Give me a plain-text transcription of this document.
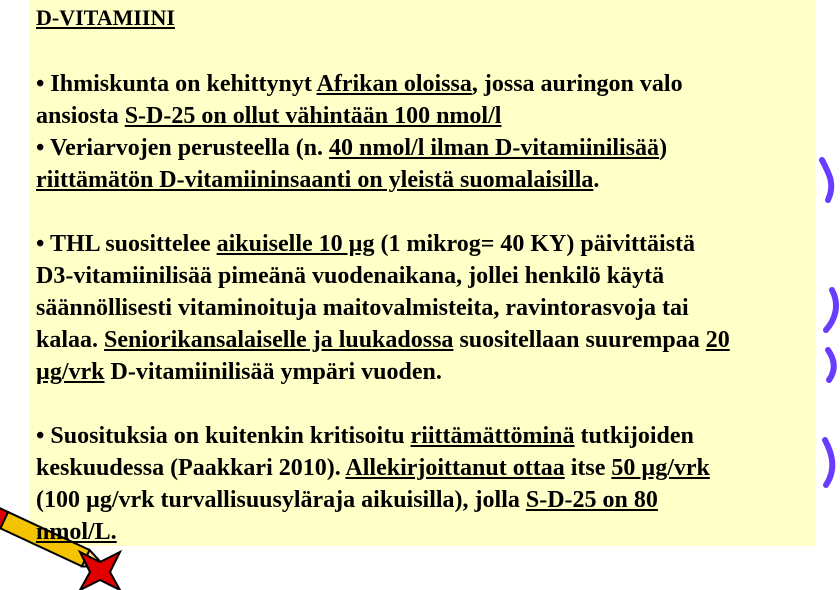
D-VITAMIINI
• Ihmiskunta on kehittynyt Afrikan oloissa, jossa auringon valo
ansiosta S-D-25 on ollut vähintään 100 nmol/l
• Veriarvojen perusteella (n. 40 nmol/l ilman D-vitamiinilisää)
riittämätön D-vitamiininsaanti on yleistä suomalaisilla.
• THL suosittelee aikuiselle 10 µg (1 mikrog= 40 KY) päivittäistä
D3-vitamiinilisää pimeänä vuodenaikana, jollei henkilö käytä
säännöllisesti vitaminoituja maitovalmisteita, ravintorasvoja tai
kalaa. Seniorikansalaiselle ja luukadossa suositellaan suurempaa 20
µg/vrk D-vitamiinilisää ympäri vuoden.
• Suosituksia on kuitenkin kritisoitu riittämättöminä tutkijoiden
keskuudessa (Paakkari 2010). Allekirjoittanut ottaa itse 50 µg/vrk
(100 µg/vrk turvallisuusyläraja aikuisilla), jolla S-D-25 on 80
nmol/L.
